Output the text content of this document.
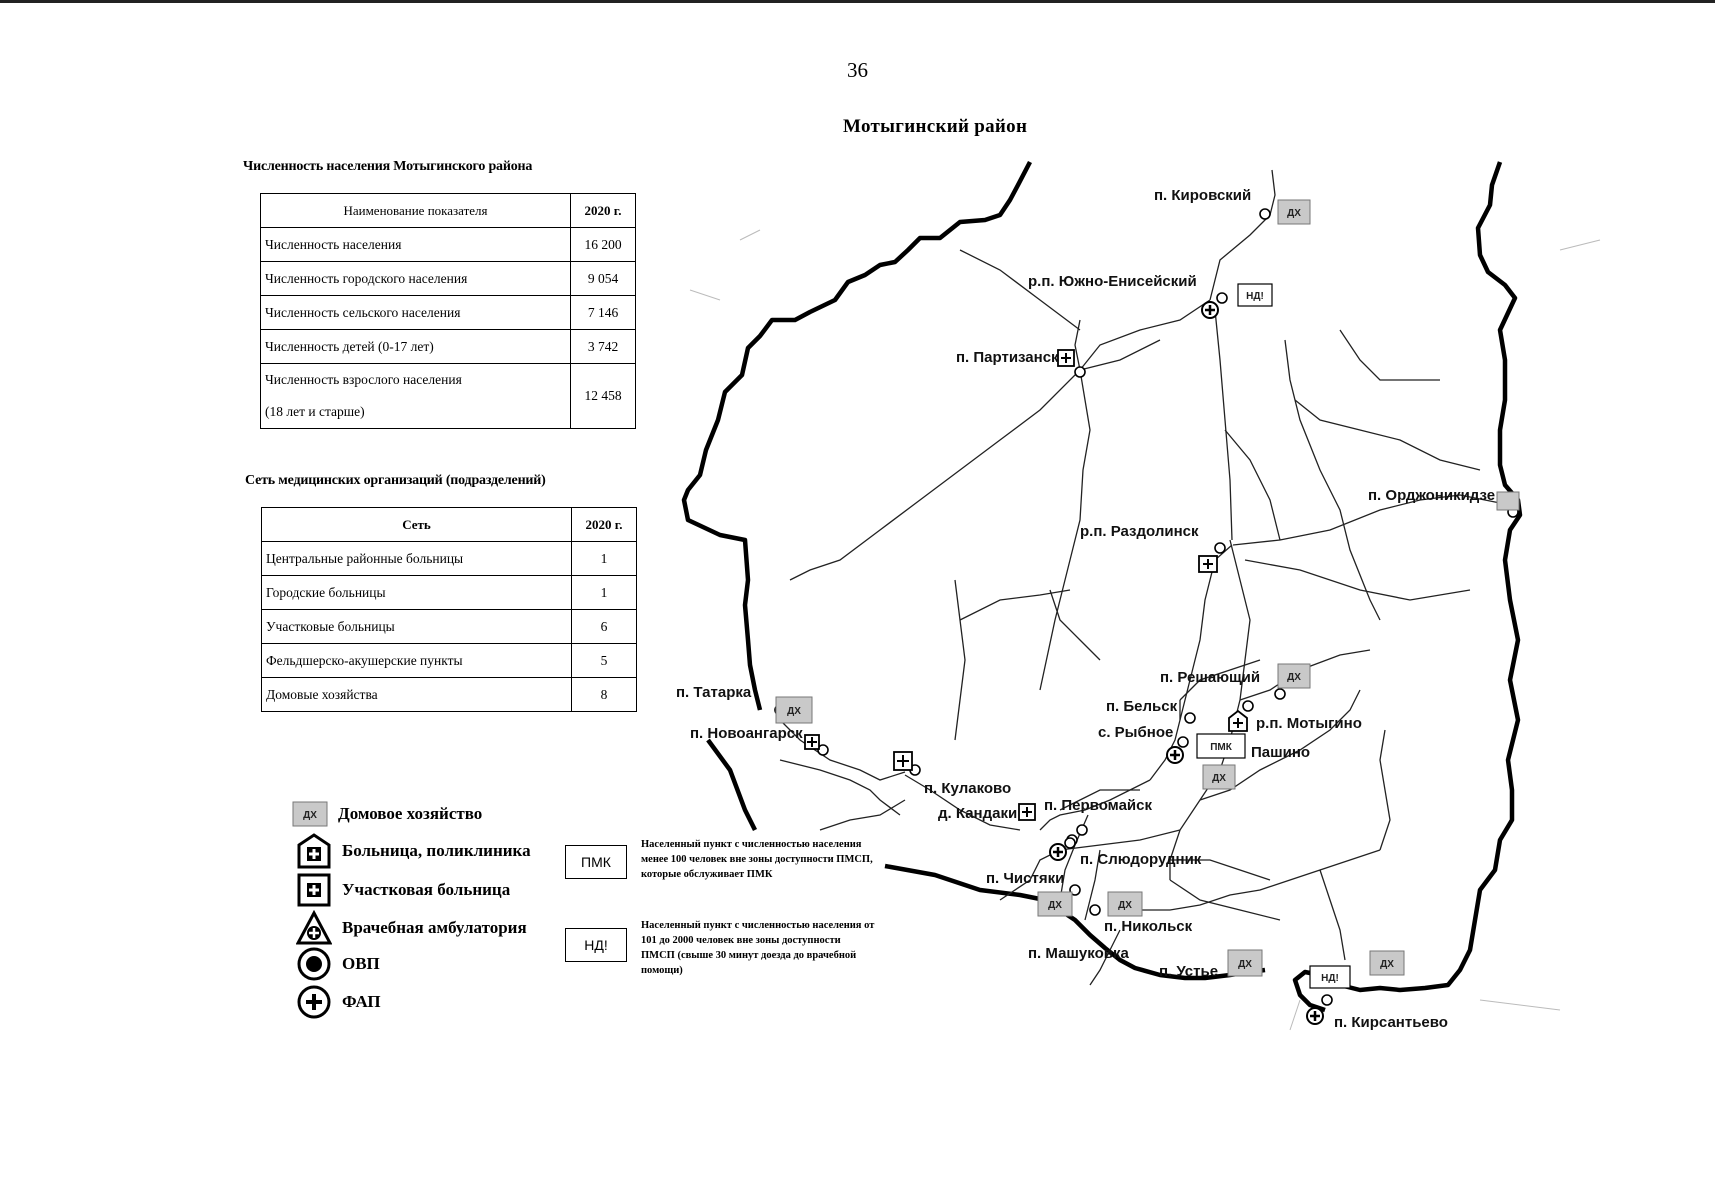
36
Мотыгинский район
Численность населения Мотыгинского района
Наименование показателя	2020 г.
Численность населения	16 200
Численность городского населения	9 054
Численность сельского населения	7 146
Численность детей (0-17 лет)	3 742

Численность взрослого населения
(18 лет и старше)	12 458
Сеть медицинских организаций (подразделений)
Сеть	2020 г.
Центральные районные больницы	1
Городские больницы	1
Участковые больницы	6
Фельдшерско-акушерские пункты	5
Домовые хозяйства	8
ДХ Домовое хозяйство
Больница, поликлиника
Участковая больница
Врачебная амбулатория
ОВП
ФАП
ПМК
Населенный пункт с численностью населения менее 100 человек вне зоны доступности ПМСП, которые обслуживает ПМК
НД!
Населенный пункт с численностью населения от 101 до 2000 человек вне зоны доступности ПМСП (свыше 30 минут доезда до врачебной помощи)
ДХ
ДХ
ДХ
ДХ
ДХ	ДХ
ДХ	ДХ
НД!
НД!
ПМК
п. Кировский
р.п. Южно-Енисейский
п. Партизанск
п. Орджоникидзе
р.п. Раздолинск
п. Решающий
п. Бельск
р.п. Мотыгино
с. Рыбное
Пашино
п. Татарка
п. Новоангарск
п. Кулаково
д. Кандаки п. Первомайск
п. Слюдорудник
п. Чистяки
п. Никольск
п. Машуковка
п. Устье
п. Кирсантьево
